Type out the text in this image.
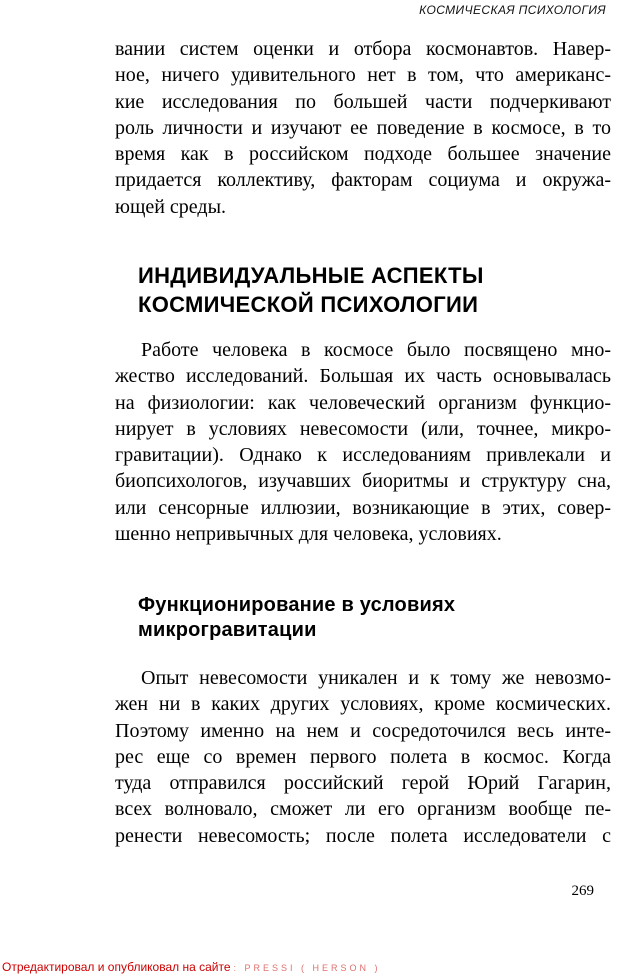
КОСМИЧЕСКАЯ ПСИХОЛОГИЯ
вании систем оценки и отбора космонавтов. Навер-
ное, ничего удивительного нет в том, что американс-
кие исследования по большей части подчеркивают
роль личности и изучают ее поведение в космосе, в то
время как в российском подходе большее значение
придается коллективу, факторам социума и окружа-
ющей среды.
ИНДИВИДУАЛЬНЫЕ АСПЕКТЫ
КОСМИЧЕСКОЙ ПСИХОЛОГИИ
Работе человека в космосе было посвящено мно-
жество исследований. Большая их часть основывалась
на физиологии: как человеческий организм функцио-
нирует в условиях невесомости (или, точнее, микро-
гравитации). Однако к исследованиям привлекали и
биопсихологов, изучавших биоритмы и структуру сна,
или сенсорные иллюзии, возникающие в этих, совер-
шенно непривычных для человека, условиях.
Функционирование в условиях
микрогравитации
Опыт невесомости уникален и к тому же невозмо-
жен ни в каких других условиях, кроме космических.
Поэтому именно на нем и сосредоточился весь инте-
рес еще со времен первого полета в космос. Когда
туда отправился российский герой Юрий Гагарин,
всех волновало, сможет ли его организм вообще пе-
ренести невесомость; после полета исследователи с
269
Отредактировал и опубликовал на сайте : PRESSI ( HERSON )
